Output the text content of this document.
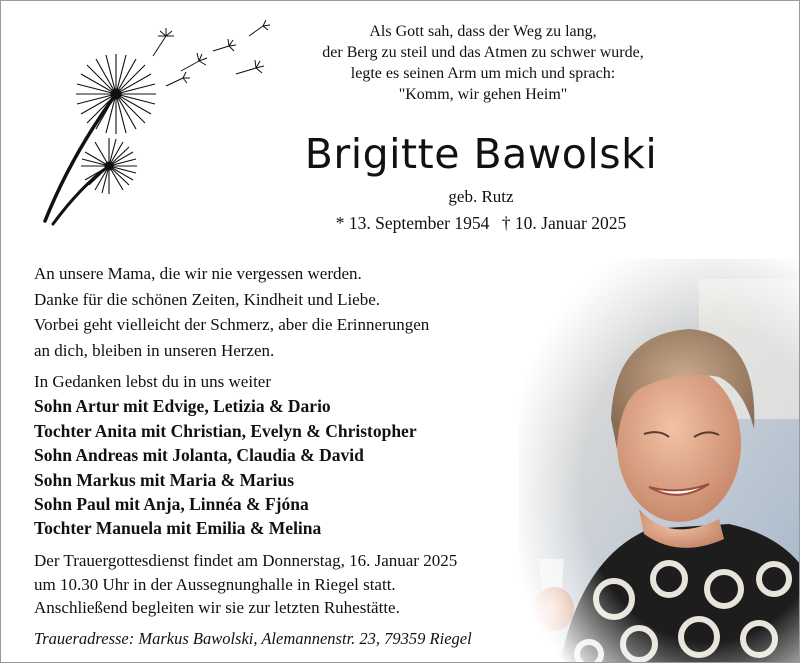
Als Gott sah, dass der Weg zu lang,
der Berg zu steil und das Atmen zu schwer wurde,
legte es seinen Arm um mich und sprach:
"Komm, wir gehen Heim"
Brigitte Bawolski
geb. Rutz
* 13. September 1954 † 10. Januar 2025
An unsere Mama, die wir nie vergessen werden.
Danke für die schönen Zeiten, Kindheit und Liebe.
Vorbei geht vielleicht der Schmerz, aber die Erinnerungen
an dich, bleiben in unseren Herzen.
In Gedanken lebst du in uns weiter
Sohn Artur mit Edvige, Letizia & Dario
Tochter Anita mit Christian, Evelyn & Christopher
Sohn Andreas mit Jolanta, Claudia & David
Sohn Markus mit Maria & Marius
Sohn Paul mit Anja, Linnéa & Fjóna
Tochter Manuela mit Emilia & Melina
Der Trauergottesdienst findet am Donnerstag, 16. Januar 2025
um 10.30 Uhr in der Aussegnunghalle in Riegel statt.
Anschließend begleiten wir sie zur letzten Ruhestätte.
Traueradresse: Markus Bawolski, Alemannenstr. 23, 79359 Riegel
